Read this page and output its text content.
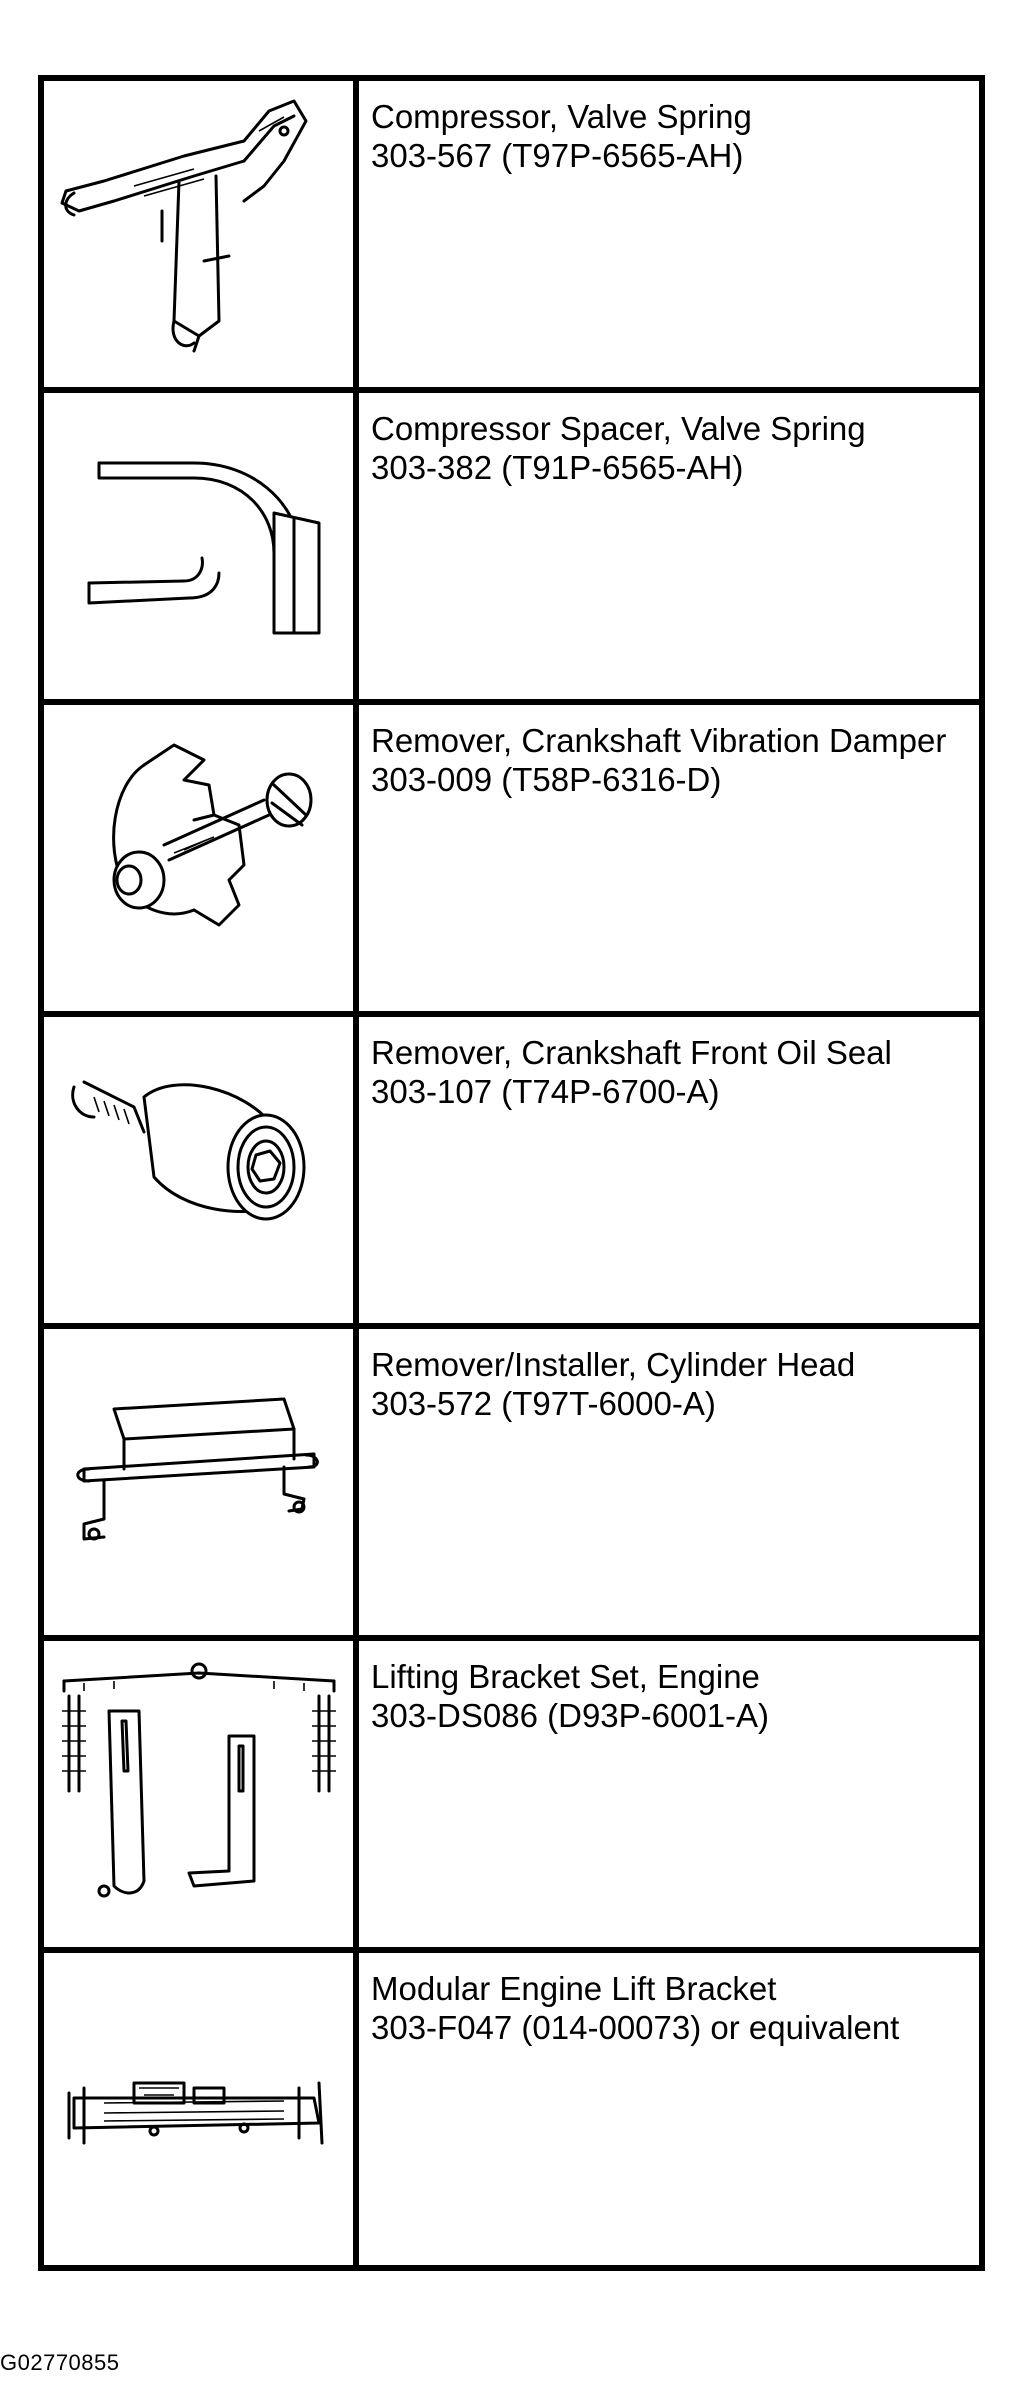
Compressor, Valve Spring
303-567 (T97P-6565-AH)

Compressor Spacer, Valve Spring
303-382 (T91P-6565-AH)

Remover, Crankshaft Vibration Damper
303-009 (T58P-6316-D)

Remover, Crankshaft Front Oil Seal
303-107 (T74P-6700-A)

Remover/Installer, Cylinder Head
303-572 (T97T-6000-A)

Lifting Bracket Set, Engine
303-DS086 (D93P-6001-A)

Modular Engine Lift Bracket
303-F047 (014-00073) or equivalent
G02770855
